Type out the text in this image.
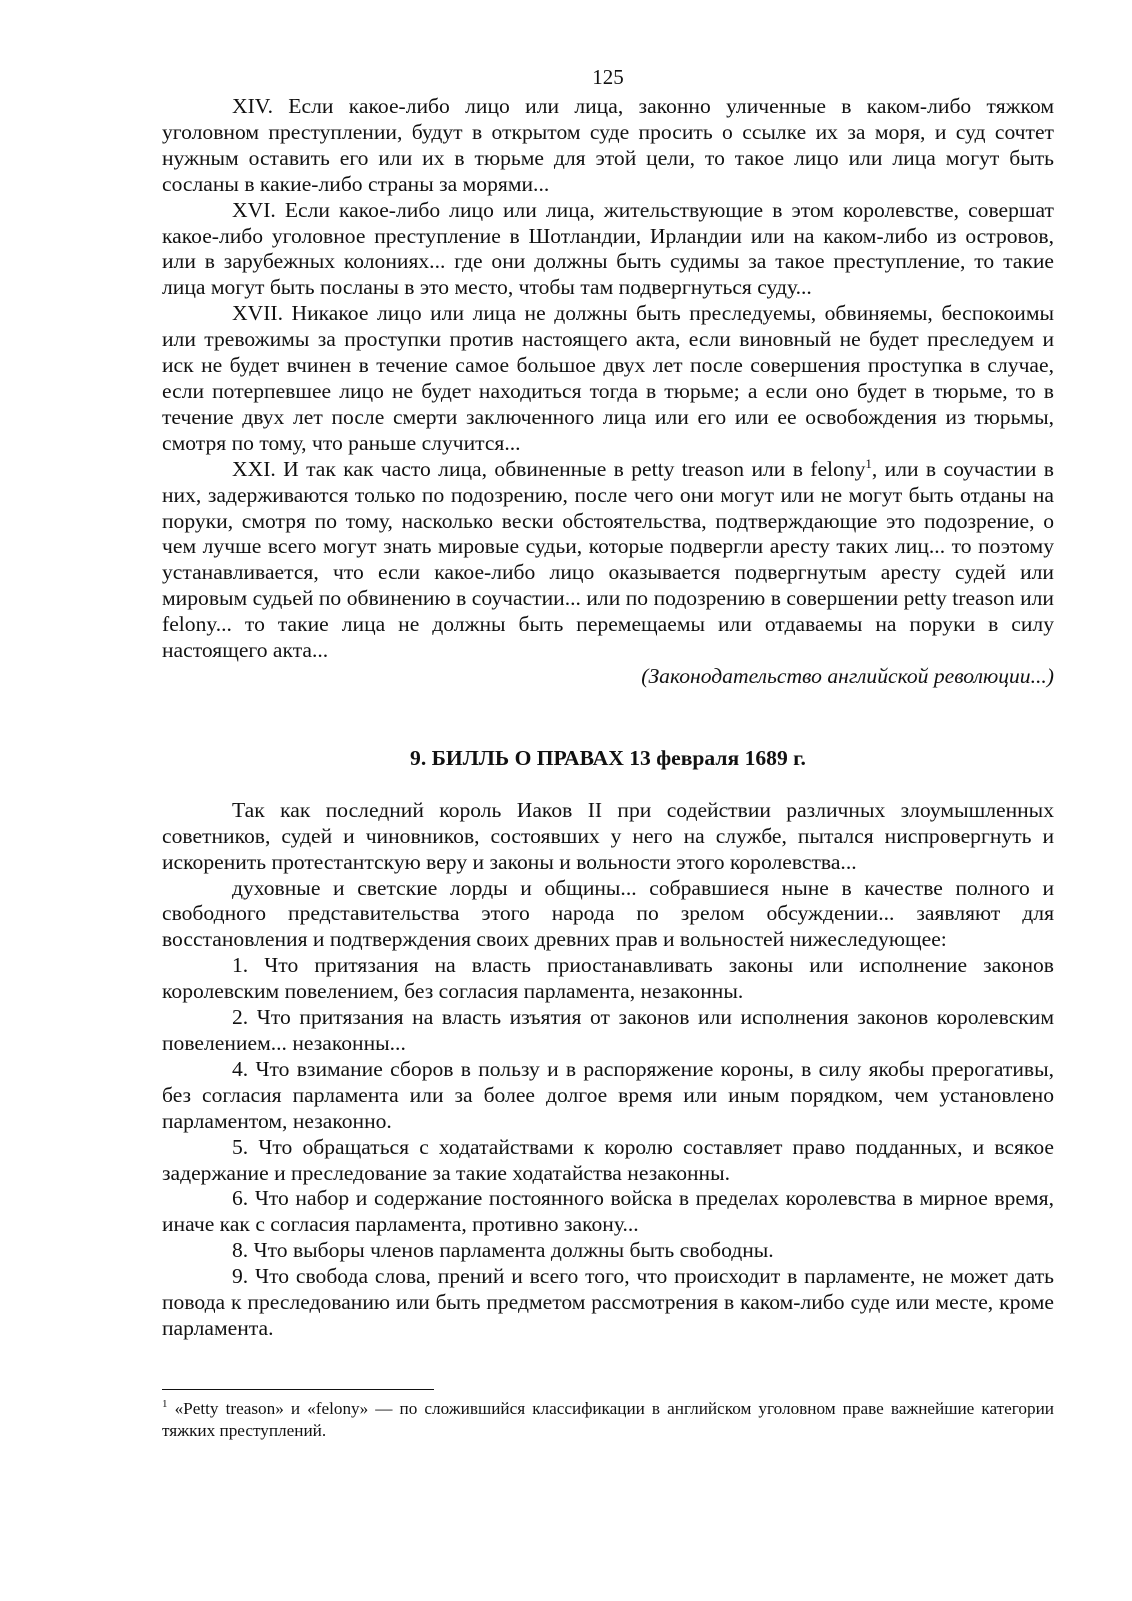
125

XIV. Если какое-либо лицо или лица, законно уличенные в каком-либо тяжком уголовном преступлении, будут в открытом суде просить о ссылке их за моря, и суд сочтет нужным оставить его или их в тюрьме для этой цели, то такое лицо или лица могут быть сосланы в какие-либо страны за морями...

XVI. Если какое-либо лицо или лица, жительствующие в этом королевстве, совершат какое-либо уголовное преступление в Шотландии, Ирландии или на каком-либо из островов, или в зарубежных колониях... где они должны быть судимы за такое преступление, то такие лица могут быть посланы в это место, чтобы там подвергнуться суду...

XVII. Никакое лицо или лица не должны быть преследуемы, обвиняемы, беспокоимы или тревожимы за проступки против настоящего акта, если виновный не будет преследуем и иск не будет вчинен в течение самое большое двух лет после совершения проступка в случае, если потерпевшее лицо не будет находиться тогда в тюрьме; а если оно будет в тюрьме, то в течение двух лет после смерти заключенного лица или его или ее освобождения из тюрьмы, смотря по тому, что раньше случится...

XXI. И так как часто лица, обвиненные в petty treason или в felony$^1$, или в соучастии в них, задерживаются только по подозрению, после чего они могут или не могут быть отданы на поруки, смотря по тому, насколько вески обстоятельства, подтверждающие это подозрение, о чем лучше всего могут знать мировые судьи, которые подвергли аресту таких лиц... то поэтому устанавливается, что если какое-либо лицо оказывается подвергнутым аресту судей или мировым судьей по обвинению в соучастии... или по подозрению в совершении petty treason или felony... то такие лица не должны быть перемещаемы или отдаваемы на поруки в силу настоящего акта...

(Законодательство английской революции...)

9. БИЛЛЬ О ПРАВАХ 13 февраля 1689 г.

Так как последний король Иаков II при содействии различных злоумышленных советников, судей и чиновников, состоявших у него на службе, пытался ниспровергнуть и искоренить протестантскую веру и законы и вольности этого королевства...

духовные и светские лорды и общины... собравшиеся ныне в качестве полного и свободного представительства этого народа по зрелом обсуждении... заявляют для восстановления и подтверждения своих древних прав и вольностей нижеследующее:

1. Что притязания на власть приостанавливать законы или исполнение законов королевским повелением, без согласия парламента, незаконны.

2. Что притязания на власть изъятия от законов или исполнения законов королевским повелением... незаконны...

4. Что взимание сборов в пользу и в распоряжение короны, в силу якобы прерогативы, без согласия парламента или за более долгое время или иным порядком, чем установлено парламентом, незаконно.

5. Что обращаться с ходатайствами к королю составляет право подданных, и всякое задержание и преследование за такие ходатайства незаконны.

6. Что набор и содержание постоянного войска в пределах королевства в мирное время, иначе как с согласия парламента, противно закону...

8. Что выборы членов парламента должны быть свободны.

9. Что свобода слова, прений и всего того, что происходит в парламенте, не может дать повода к преследованию или быть предметом рассмотрения в каком-либо суде или месте, кроме парламента.

$^1$ «Petty treason» и «felony» — по сложившийся классификации в английском уголовном праве важнейшие категории тяжких преступлений.
